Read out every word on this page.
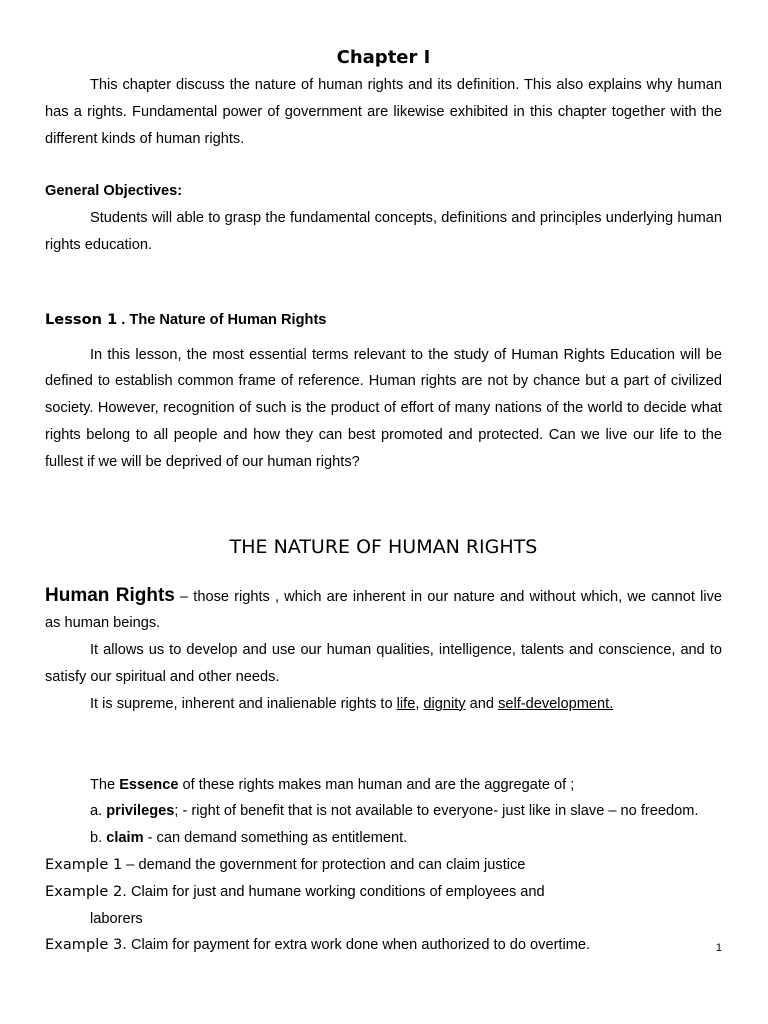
Chapter I

This chapter discuss the nature of human rights and its definition. This also explains why human has a rights. Fundamental power of government are likewise exhibited in this chapter together with the different kinds of human rights.

General Objectives:

Students will able to grasp the fundamental concepts, definitions and principles underlying human rights education.

Lesson 1 . The Nature of Human Rights

In this lesson, the most essential terms relevant to the study of Human Rights Education will be defined to establish common frame of reference. Human rights are not by chance but a part of civilized society. However, recognition of such is the product of effort of many nations of the world to decide what rights belong to all people and how they can best promoted and protected. Can we live our life to the fullest if we will be deprived of our human rights?

THE NATURE OF HUMAN RIGHTS

Human Rights – those rights , which are inherent in our nature and without which, we cannot live as human beings.

It allows us to develop and use our human qualities, intelligence, talents and conscience, and to satisfy our spiritual and other needs.

It is supreme, inherent and inalienable rights to life, dignity and self-development.

The Essence of these rights makes man human and are the aggregate of ;

a. privileges; - right of benefit that is not available to everyone- just like in slave – no freedom.

b. claim - can demand something as entitlement.

Example 1 – demand the government for protection and can claim justice

Example 2. Claim for just and humane working conditions of employees and

laborers

Example 3. Claim for payment for extra work done when authorized to do overtime.	1
